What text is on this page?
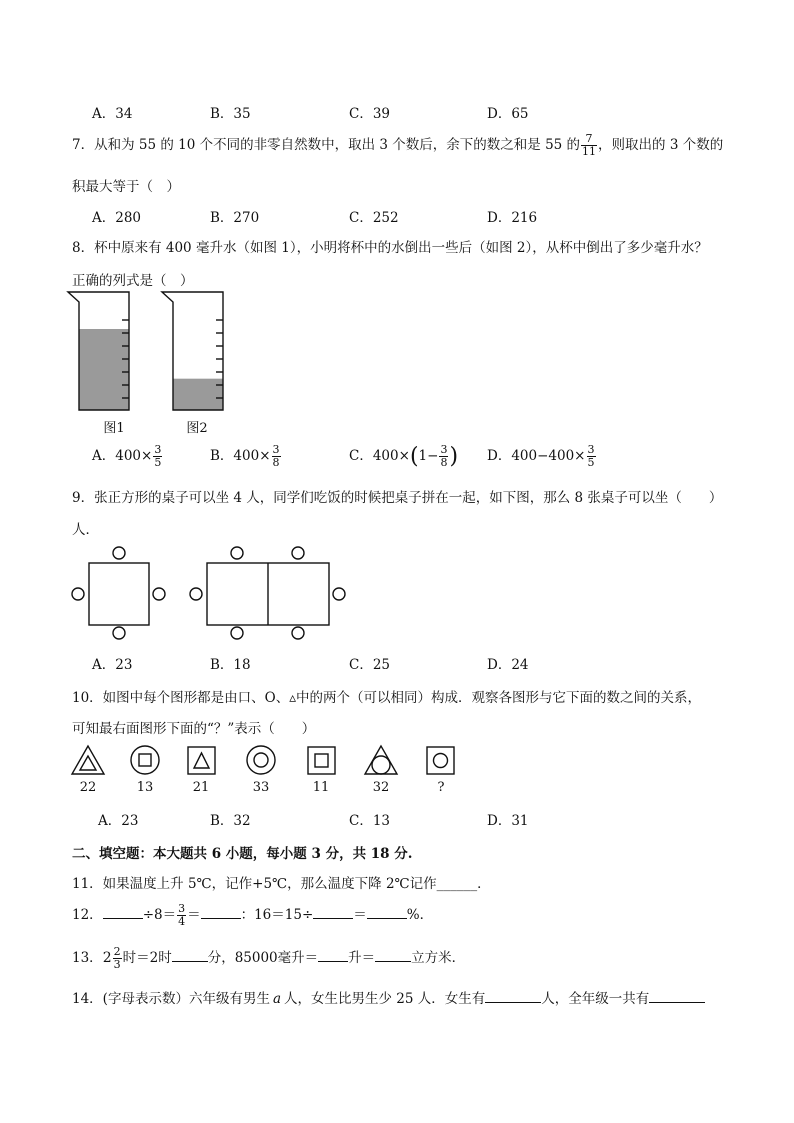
A．34	B．35	C．39	D．65
7．从和为 55 的 10 个不同的非零自然数中，取出 3 个数后，余下的数之和是 55 的 $\frac{7}{11}$ ，则取出的 3 个数的
积最大等于（　）
A．280	B．270	C．252	D．216
8．杯中原来有 400 毫升水（如图 1），小明将杯中的水倒出一些后（如图 2），从杯中倒出了多少毫升水？
正确的列式是（　）
图1	图2
A．$400\times \frac{3}{5}$	B．$400\times \frac{3}{8}$	C．$400\times(1- \frac{3}{8}$ ) D．$400-400\times \frac{3}{5}$
9．张正方形的桌子可以坐 4 人，同学们吃饭的时候把桌子拼在一起，如下图，那么 8 张桌子可以坐（　　）
人．
A．23	B．18	C．25	D．24
10．如图中每个图形都是由口、O、▵中的两个（可以相同）构成．观察各图形与它下面的数之间的关系，
可知最右面图形下面的“？”表示（　　）
22	13	21	33	11	32	?
A．23	B．32	C．13	D．31
二、填空题：本大题共 6 小题，每小题 3 分，共 18 分.
11．如果温度上升 5℃，记作+5℃，那么温度下降 2℃记作______．
12．	$\div 8= \frac{3}{4}$ ＝	：16＝15÷	＝	%．
13．$2 \frac{2}{3}$ 时＝2时	分，85000毫升＝ 升＝	立方米．
14．(字母表示数）六年级有男生 a 人，女生比男生少 25 人．女生有	人，全年级一共有
